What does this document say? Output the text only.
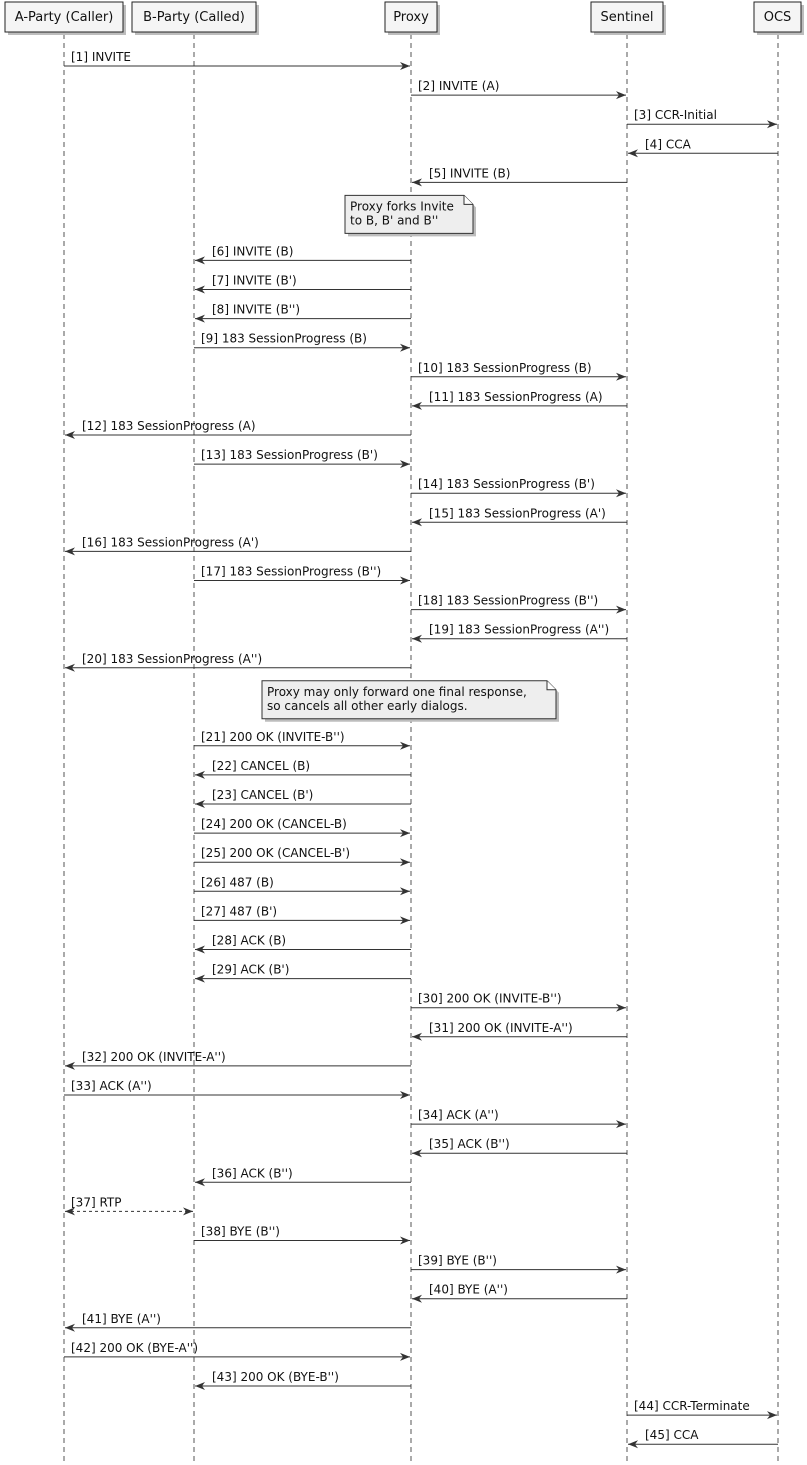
A-Party (Caller) B-Party (Called)	Proxy	Sentinel	OCS
[1] INVITE
[2] INVITE (A)
[3] CCR-Initial
[4] CCA
[5] INVITE (B)
[6] INVITE (B)
[7] INVITE (B')
[8] INVITE (B'')
[9] 183 SessionProgress (B)
[10] 183 SessionProgress (B)
[11] 183 SessionProgress (A)
[12] 183 SessionProgress (A)
[13] 183 SessionProgress (B')
[14] 183 SessionProgress (B')
[15] 183 SessionProgress (A')
[16] 183 SessionProgress (A')
[17] 183 SessionProgress (B'')
[18] 183 SessionProgress (B'')
[19] 183 SessionProgress (A'')
[20] 183 SessionProgress (A'')
[21] 200 OK (INVITE-B'')
[22] CANCEL (B)
[23] CANCEL (B')
[24] 200 OK (CANCEL-B)
[25] 200 OK (CANCEL-B')
[26] 487 (B)
[27] 487 (B')
[28] ACK (B)
[29] ACK (B')
[30] 200 OK (INVITE-B'')
[31] 200 OK (INVITE-A'')
[32] 200 OK (INVITE-A'')
[33] ACK (A'')
[34] ACK (A'')
[35] ACK (B'')
[36] ACK (B'')
[37] RTP
[38] BYE (B'')
[39] BYE (B'')
[40] BYE (A'')
[41] BYE (A'')
[42] 200 OK (BYE-A'')
[43] 200 OK (BYE-B'')
[44] CCR-Terminate
[45] CCA
Proxy forks Invite
to B, B' and B''
Proxy may only forward one final response,
so cancels all other early dialogs.
